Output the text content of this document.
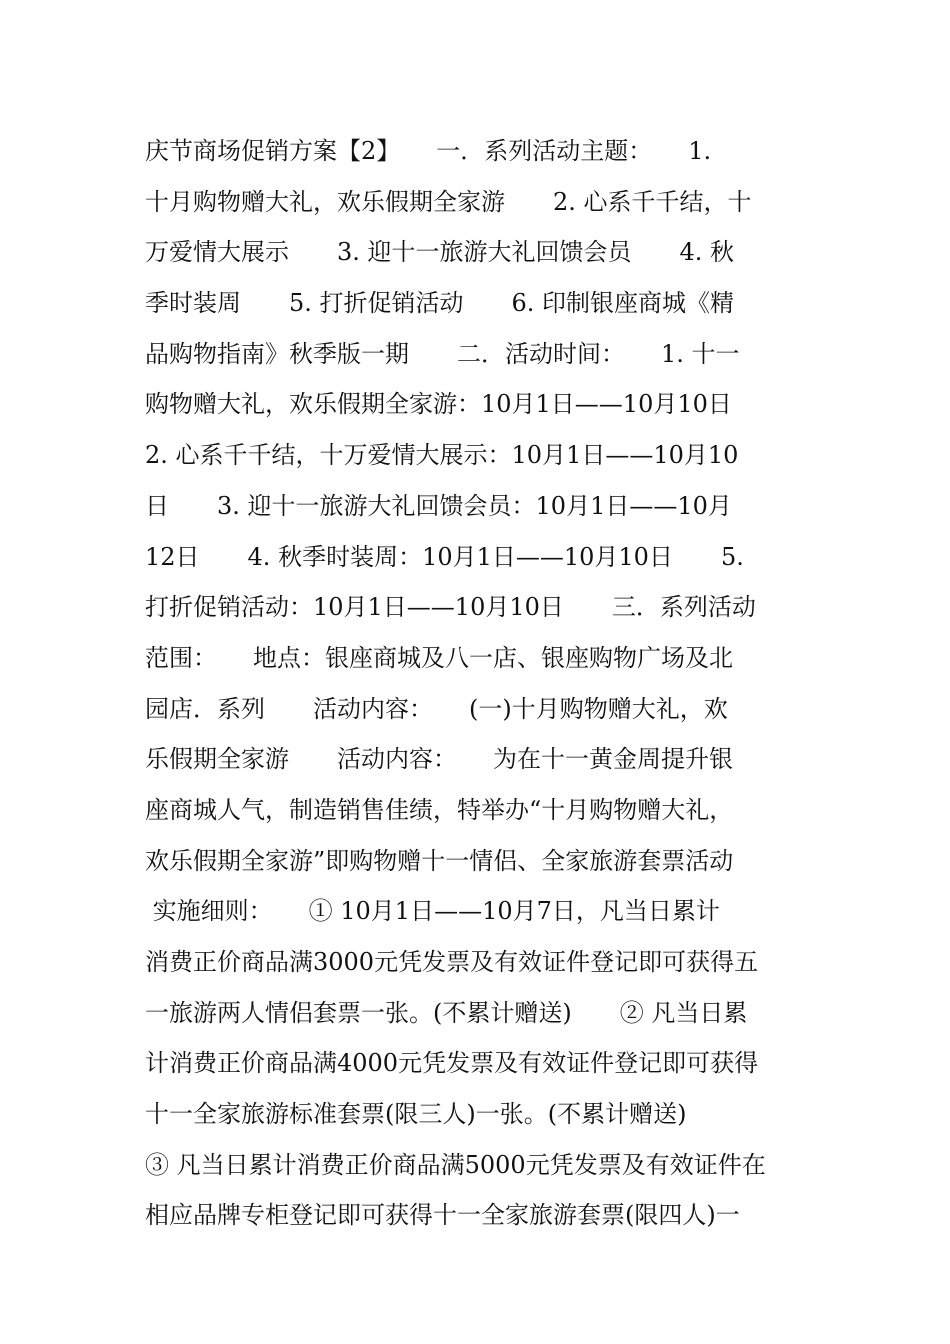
庆节商场促销方案【2】　　一．系列活动主题：　　1.
十月购物赠大礼，欢乐假期全家游　　2. 心系千千结，十
万爱情大展示　　3. 迎十一旅游大礼回馈会员　　4. 秋
季时装周　　5. 打折促销活动　　6. 印制银座商城《精
品购物指南》秋季版一期　　二．活动时间：　　1. 十一
购物赠大礼，欢乐假期全家游：10月1日——10月10日
2. 心系千千结，十万爱情大展示：10月1日——10月10
日　　3. 迎十一旅游大礼回馈会员：10月1日——10月
12日　　4. 秋季时装周：10月1日——10月10日　　5.
打折促销活动：10月1日——10月10日　　三．系列活动
范围：　　地点：银座商城及八一店、银座购物广场及北
园店．系列　　活动内容：　　(一)十月购物赠大礼，欢
乐假期全家游　　活动内容：　　为在十一黄金周提升银
座商城人气，制造销售佳绩，特举办“十月购物赠大礼，
欢乐假期全家游”即购物赠十一情侣、全家旅游套票活动
实施细则：　　① 10月1日——10月7日，凡当日累计
消费正价商品满3000元凭发票及有效证件登记即可获得五
一旅游两人情侣套票一张。(不累计赠送)　　② 凡当日累
计消费正价商品满4000元凭发票及有效证件登记即可获得
十一全家旅游标准套票(限三人)一张。(不累计赠送)
③ 凡当日累计消费正价商品满5000元凭发票及有效证件在
相应品牌专柜登记即可获得十一全家旅游套票(限四人)一
